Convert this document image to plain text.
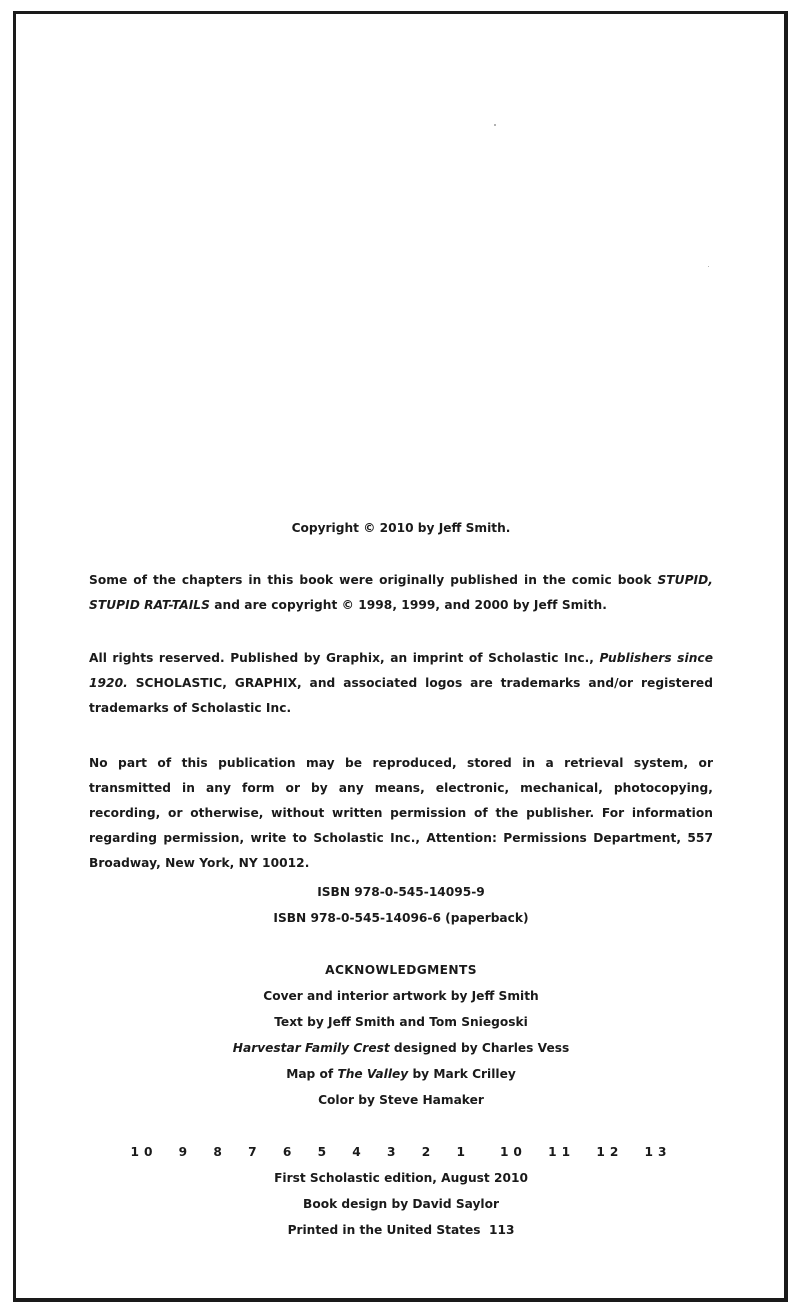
Copyright © 2010 by Jeff Smith.
Some of the chapters in this book were originally published in the comic book STUPID, STUPID RAT-TAILS and are copyright © 1998, 1999, and 2000 by Jeff Smith.
All rights reserved. Published by Graphix, an imprint of Scholastic Inc., Publishers since 1920. SCHOLASTIC, GRAPHIX, and associated logos are trademarks and/or registered trademarks of Scholastic Inc.
No part of this publication may be reproduced, stored in a retrieval system, or transmitted in any form or by any means, electronic, mechanical, photocopying, recording, or otherwise, without written permission of the publisher. For information regarding permission, write to Scholastic Inc., Attention: Permissions Department, 557 Broadway, New York, NY 10012.
ISBN 978-0-545-14095-9
ISBN 978-0-545-14096-6 (paperback)
ACKNOWLEDGMENTS
Cover and interior artwork by Jeff Smith
Text by Jeff Smith and Tom Sniegoski
Harvestar Family Crest designed by Charles Vess
Map of The Valley by Mark Crilley
Color by Steve Hamaker
10 9 8 7 6 5 4 3 2 1 10 11 12 13
First Scholastic edition, August 2010
Book design by David Saylor
Printed in the United States  113
